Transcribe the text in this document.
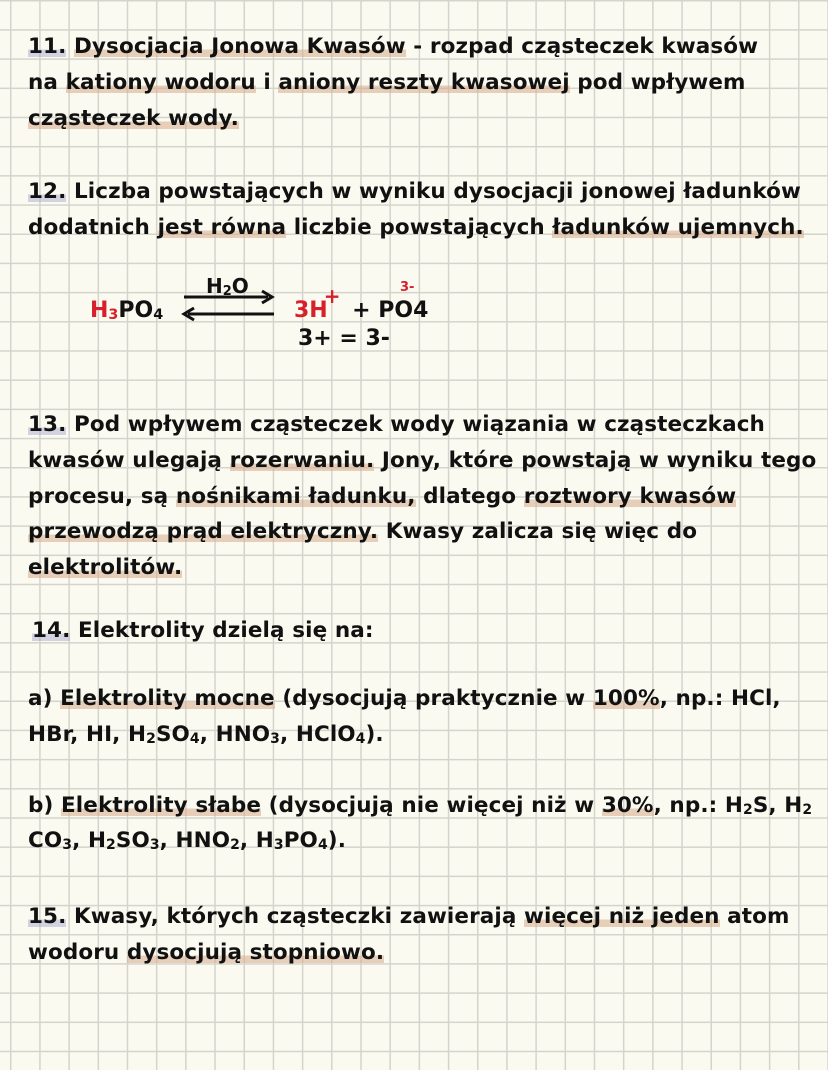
11. Dysocjacja Jonowa Kwasów - rozpad cząsteczek kwasów
na kationy wodoru i aniony reszty kwasowej pod wpływem
cząsteczek wody.
12. Liczba powstających w wyniku dysocjacji jonowej ładunków
dodatnich jest równa liczbie powstających ładunków ujemnych.
$H_3PO_4$
$H_2O$
3H+ + PO4
3-
3+ = 3-
13. Pod wpływem cząsteczek wody wiązania w cząsteczkach
kwasów ulegają rozerwaniu. Jony, które powstają w wyniku tego
procesu, są nośnikami ładunku, dlatego roztwory kwasów
przewodzą prąd elektryczny. Kwasy zalicza się więc do
elektrolitów.
14. Elektrolity dzielą się na:
a) Elektrolity mocne (dysocjują praktycznie w 100%, np.: HCl,
HBr, HI, $H_2SO_4$, $HNO_3$, HClO$_4$).
b) Elektrolity słabe (dysocjują nie więcej niż w 30%, np.: $H_2S$, $H_2$
$CO_3$, $H_2SO_3$, $HNO_2$, $H_3PO_4$).
15. Kwasy, których cząsteczki zawierają więcej niż jeden atom
wodoru dysocjują stopniowo.
